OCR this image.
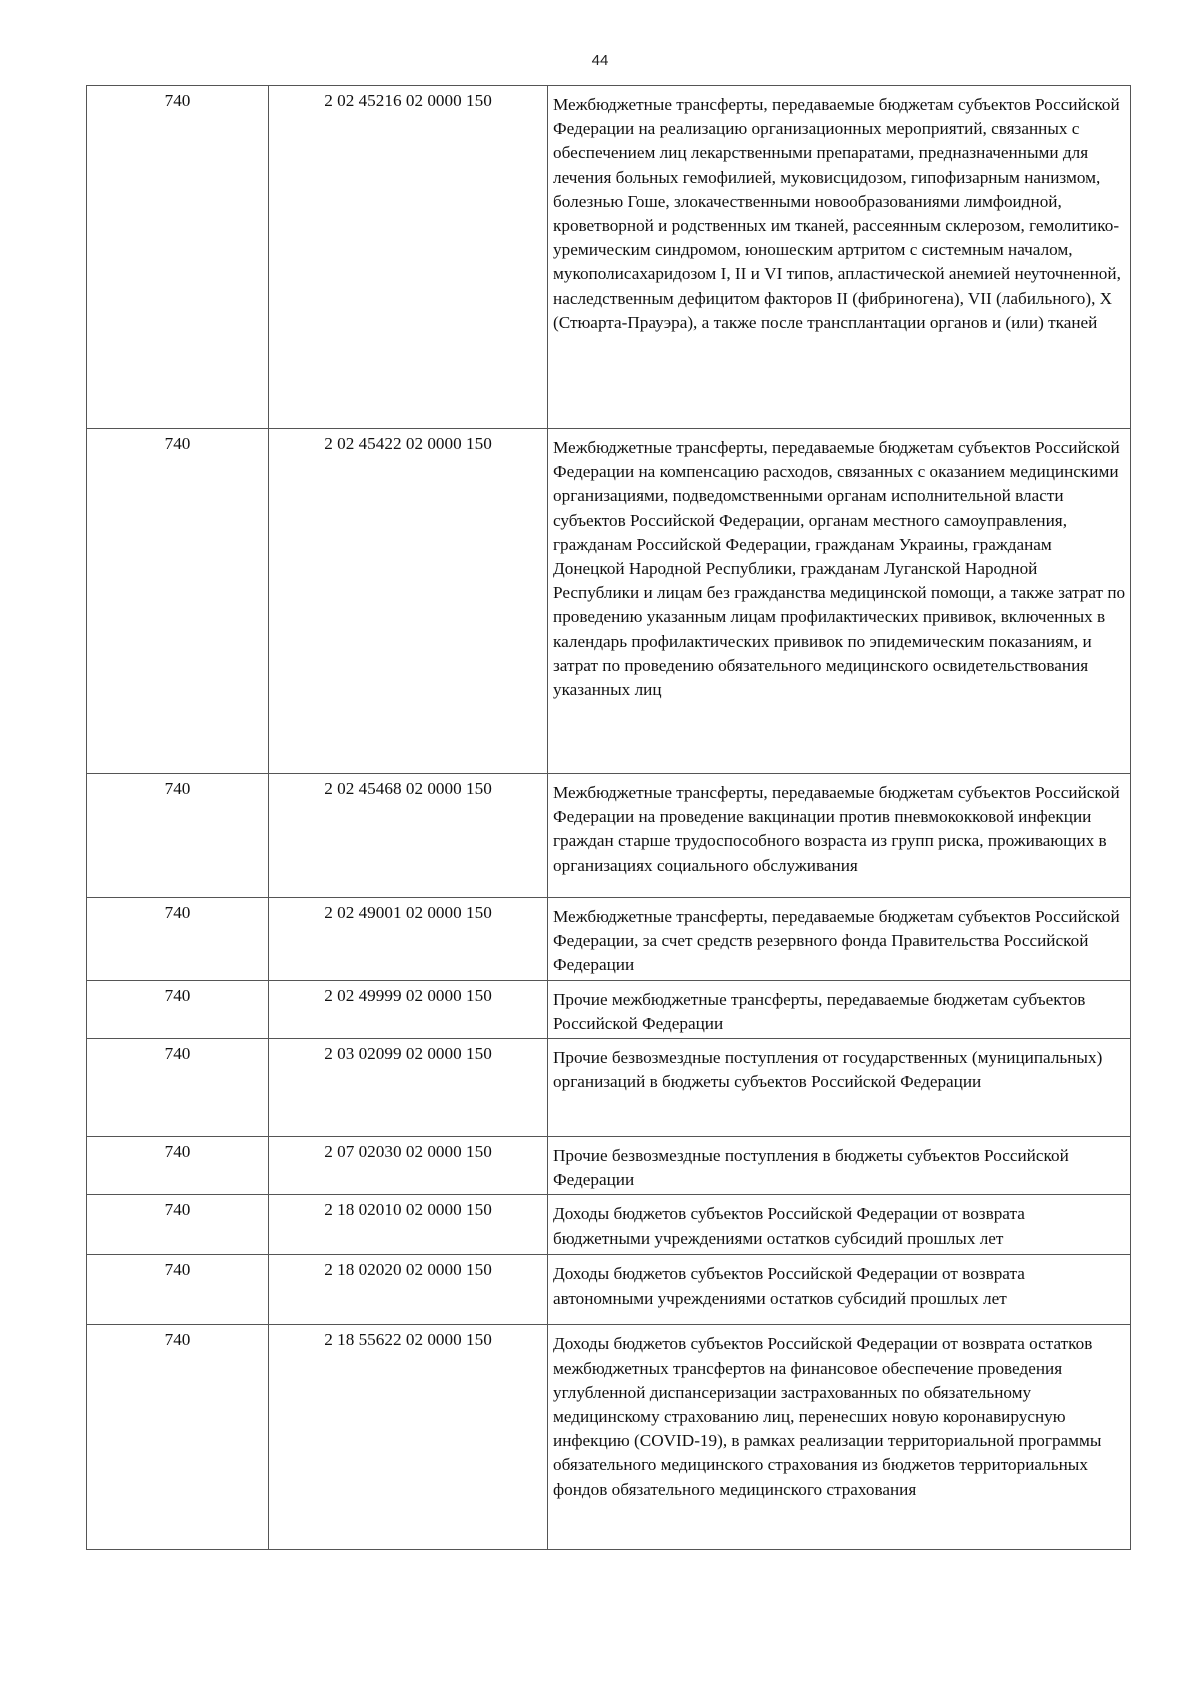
44
740	2 02 45216 02 0000 150	Межбюджетные трансферты, передаваемые бюджетам субъектов Российской Федерации на реализацию организационных мероприятий, связанных с обеспечением лиц лекарственными препаратами, предназначенными для лечения больных гемофилией, муковисцидозом, гипофизарным нанизмом, болезнью Гоше, злокачественными новообразованиями лимфоидной, кроветворной и родственных им тканей, рассеянным склерозом, гемолитико-уремическим синдромом, юношеским артритом с системным началом, мукополисахаридозом I, II и VI типов, апластической анемией неуточненной, наследственным дефицитом факторов II (фибриногена), VII (лабильного), X (Стюарта-Прауэра), а также после трансплантации органов и (или) тканей

740	2 02 45422 02 0000 150	Межбюджетные трансферты, передаваемые бюджетам субъектов Российской Федерации на компенсацию расходов, связанных с оказанием медицинскими организациями, подведомственными органам исполнительной власти субъектов Российской Федерации, органам местного самоуправления, гражданам Российской Федерации, гражданам Украины, гражданам Донецкой Народной Республики, гражданам Луганской Народной Республики и лицам без гражданства медицинской помощи, а также затрат по проведению указанным лицам профилактических прививок, включенных в календарь профилактических прививок по эпидемическим показаниям, и затрат по проведению обязательного медицинского освидетельствования указанных лиц

740	2 02 45468 02 0000 150	Межбюджетные трансферты, передаваемые бюджетам субъектов Российской Федерации на проведение вакцинации против пневмококковой инфекции граждан старше трудоспособного возраста из групп риска, проживающих в организациях социального обслуживания

740	2 02 49001 02 0000 150	Межбюджетные трансферты, передаваемые бюджетам субъектов Российской Федерации, за счет средств резервного фонда Правительства Российской Федерации

740	2 02 49999 02 0000 150	Прочие межбюджетные трансферты, передаваемые бюджетам субъектов Российской Федерации

740	2 03 02099 02 0000 150	Прочие безвозмездные поступления от государственных (муниципальных) организаций в бюджеты субъектов Российской Федерации

740	2 07 02030 02 0000 150	Прочие безвозмездные поступления в бюджеты субъектов Российской Федерации

740	2 18 02010 02 0000 150	Доходы бюджетов субъектов Российской Федерации от возврата бюджетными учреждениями остатков субсидий прошлых лет

740	2 18 02020 02 0000 150	Доходы бюджетов субъектов Российской Федерации от возврата автономными учреждениями остатков субсидий прошлых лет

740	2 18 55622 02 0000 150	Доходы бюджетов субъектов Российской Федерации от возврата остатков межбюджетных трансфертов на финансовое обеспечение проведения углубленной диспансеризации застрахованных по обязательному медицинскому страхованию лиц, перенесших новую коронавирусную инфекцию (COVID-19), в рамках реализации территориальной программы обязательного медицинского страхования из бюджетов территориальных фондов обязательного медицинского страхования
